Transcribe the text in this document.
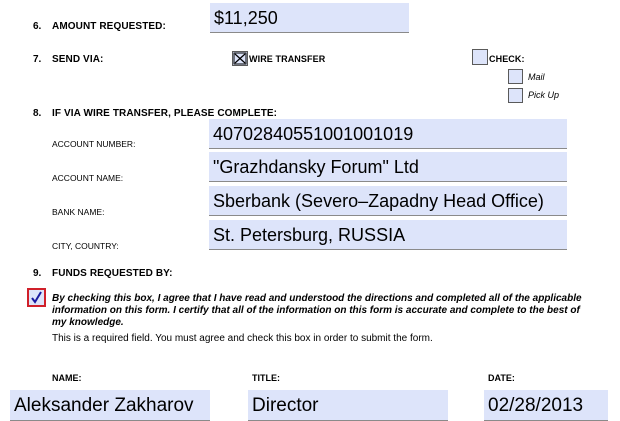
6. AMOUNT REQUESTED:	$11,250
7. SEND VIA:	WIRE TRANSFER	CHECK:
Mail
Pick Up
8. IF VIA WIRE TRANSFER, PLEASE COMPLETE:
ACCOUNT NUMBER:	40702840551001001019
ACCOUNT NAME:
"Grazhdansky Forum" Ltd
BANK NAME:
Sberbank (Severo–Zapadny Head Office)
CITY, COUNTRY:
St. Petersburg, RUSSIA
9. FUNDS REQUESTED BY:
By checking this box, I agree that I have read and understood the directions and completed all of the applicable information on this form. I certify that all of the information on this form is accurate and complete to the best of my knowledge.
This is a required field. You must agree and check this box in order to submit the form.
NAME:
Aleksander Zakharov
TITLE:
Director
DATE:
02/28/2013
